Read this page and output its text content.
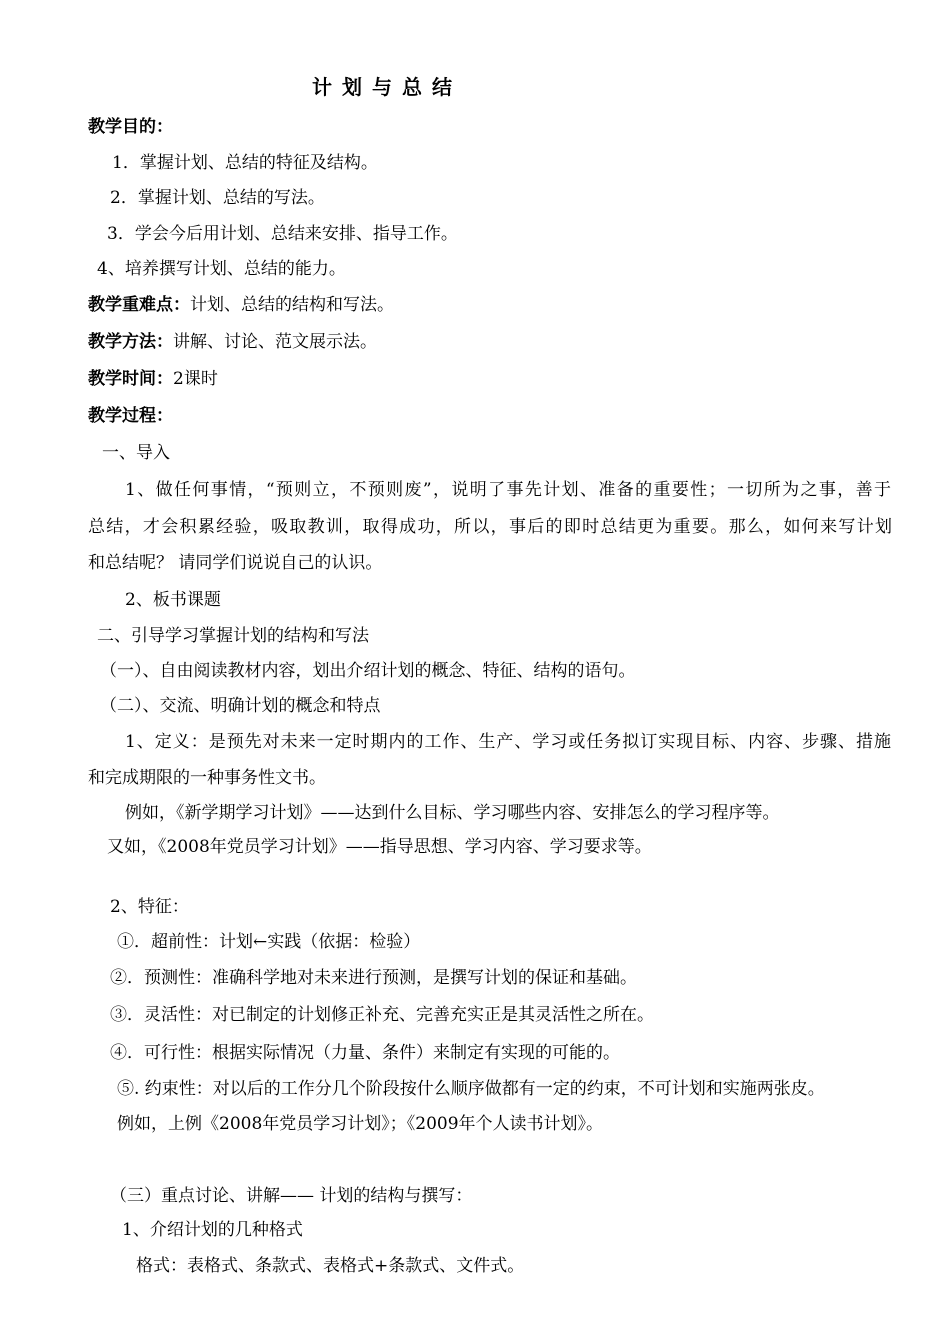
计划与总结
教学目的：
1．掌握计划、总结的特征及结构。
2．掌握计划、总结的写法。
3．学会今后用计划、总结来安排、指导工作。
4、培养撰写计划、总结的能力。
教学重难点：计划、总结的结构和写法。
教学方法：讲解、讨论、范文展示法。
教学时间：2课时
教学过程：
一、导入
1、做任何事情，“预则立，不预则废”，说明了事先计划、准备的重要性；一切所为之事，善于
总结，才会积累经验，吸取教训，取得成功，所以，事后的即时总结更为重要。那么，如何来写计划
和总结呢？ 请同学们说说自己的认识。
2、板书课题
二、引导学习掌握计划的结构和写法
（一）、自由阅读教材内容，划出介绍计划的概念、特征、结构的语句。
（二）、交流、明确计划的概念和特点
1、定义：是预先对未来一定时期内的工作、生产、学习或任务拟订实现目标、内容、步骤、措施
和完成期限的一种事务性文书。
例如，《新学期学习计划》——达到什么目标、学习哪些内容、安排怎么的学习程序等。
又如，《2008年党员学习计划》——指导思想、学习内容、学习要求等。
2、特征：
①．超前性：计划←实践（依据：检验）
②．预测性：准确科学地对未来进行预测，是撰写计划的保证和基础。
③．灵活性：对已制定的计划修正补充、完善充实正是其灵活性之所在。
④．可行性：根据实际情况（力量、条件）来制定有实现的可能的。
⑤. 约束性：对以后的工作分几个阶段按什么顺序做都有一定的约束，不可计划和实施两张皮。
例如，上例《2008年党员学习计划》；《2009年个人读书计划》。
（三）重点讨论、讲解—— 计划的结构与撰写：
1、介绍计划的几种格式
格式：表格式、条款式、表格式+条款式、文件式。
